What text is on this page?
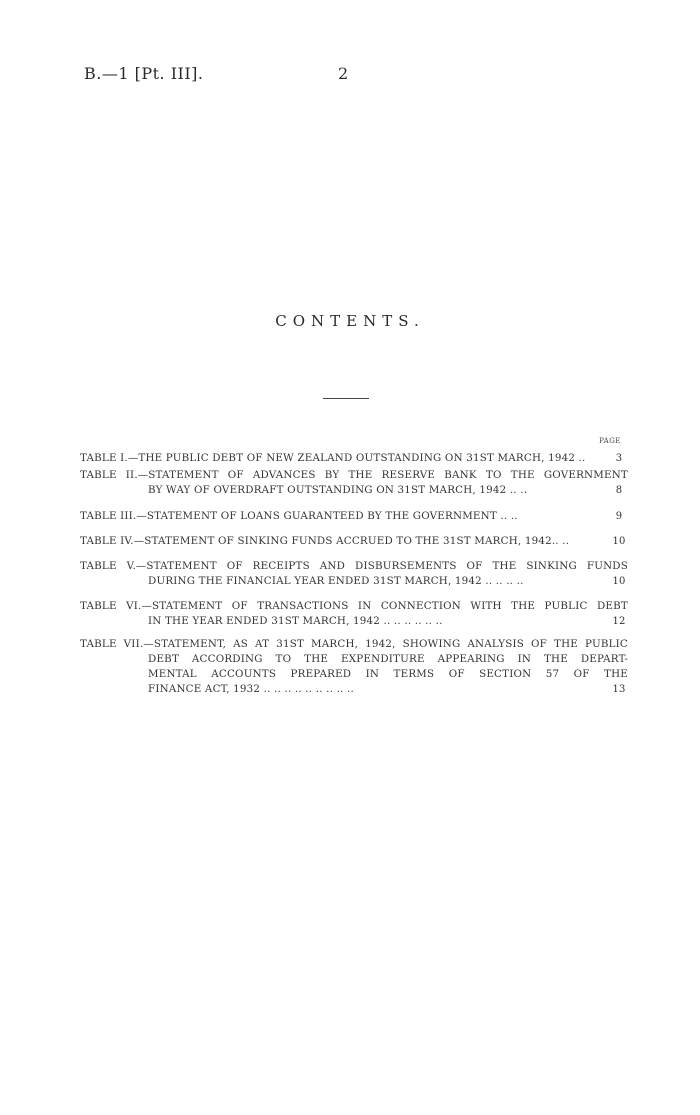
B.—1 [Pt. III].	2
CONTENTS.
PAGE
TABLE I.—THE PUBLIC DEBT OF NEW ZEALAND OUTSTANDING ON 31ST MARCH, 1942 ..	3
TABLE II.—STATEMENT OF ADVANCES BY THE RESERVE BANK TO THE GOVERNMENT
BY WAY OF OVERDRAFT OUTSTANDING ON 31ST MARCH, 1942 .. ..	8
TABLE III.—STATEMENT OF LOANS GUARANTEED BY THE GOVERNMENT .. ..	9
TABLE IV.—STATEMENT OF SINKING FUNDS ACCRUED TO THE 31ST MARCH, 1942.. ..	10
TABLE V.—STATEMENT OF RECEIPTS AND DISBURSEMENTS OF THE SINKING FUNDS
DURING THE FINANCIAL YEAR ENDED 31ST MARCH, 1942 .. .. .. ..	10
TABLE VI.—STATEMENT OF TRANSACTIONS IN CONNECTION WITH THE PUBLIC DEBT
IN THE YEAR ENDED 31ST MARCH, 1942 .. .. .. .. .. ..	12
TABLE VII.—STATEMENT, AS AT 31ST MARCH, 1942, SHOWING ANALYSIS OF THE PUBLIC
DEBT ACCORDING TO THE EXPENDITURE APPEARING IN THE DEPART-
MENTAL ACCOUNTS PREPARED IN TERMS OF SECTION 57 OF THE
FINANCE ACT, 1932 .. .. .. .. .. .. .. .. ..	13
